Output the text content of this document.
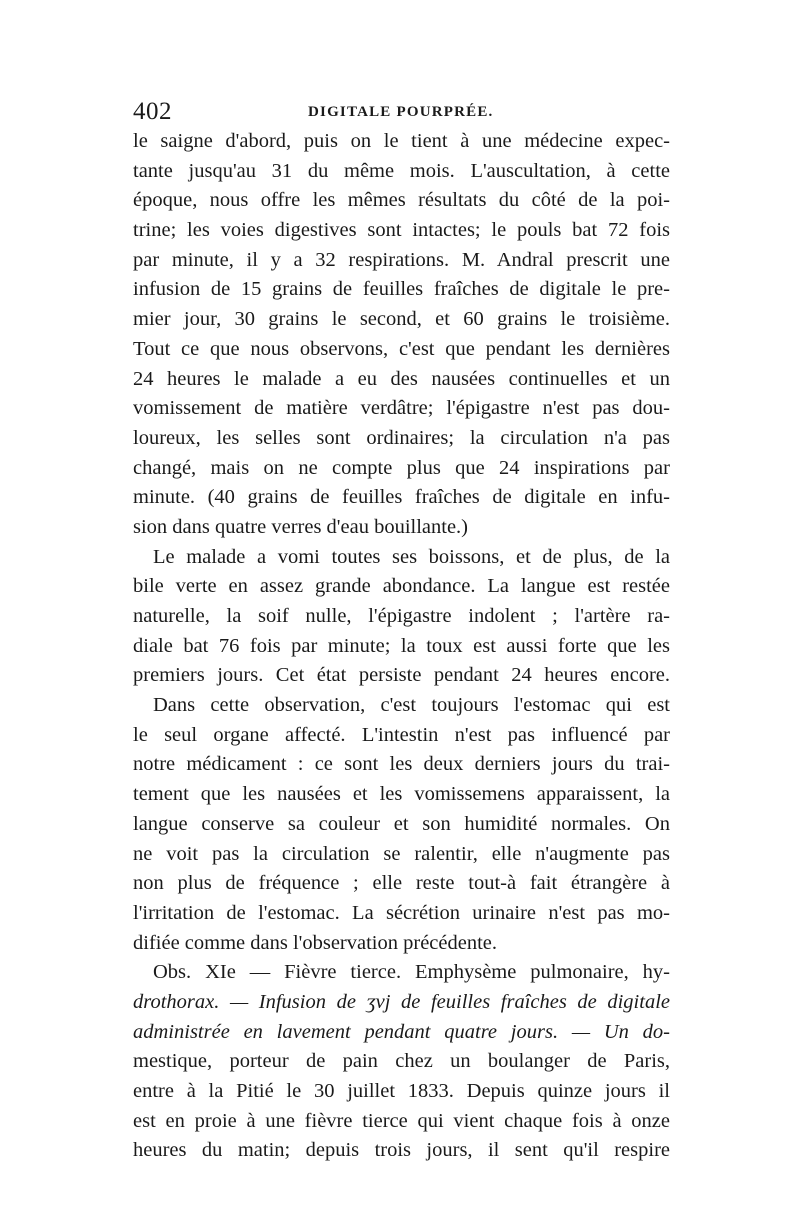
402	DIGITALE POURPRÉE.
le saigne d'abord, puis on le tient à une médecine expec-
tante jusqu'au 31 du même mois. L'auscultation, à cette
époque, nous offre les mêmes résultats du côté de la poi-
trine; les voies digestives sont intactes; le pouls bat 72 fois
par minute, il y a 32 respirations. M. Andral prescrit une
infusion de 15 grains de feuilles fraîches de digitale le pre-
mier jour, 30 grains le second, et 60 grains le troisième.
Tout ce que nous observons, c'est que pendant les dernières
24 heures le malade a eu des nausées continuelles et un
vomissement de matière verdâtre; l'épigastre n'est pas dou-
loureux, les selles sont ordinaires; la circulation n'a pas
changé, mais on ne compte plus que 24 inspirations par
minute. (40 grains de feuilles fraîches de digitale en infu-
sion dans quatre verres d'eau bouillante.)
Le malade a vomi toutes ses boissons, et de plus, de la
bile verte en assez grande abondance. La langue est restée
naturelle, la soif nulle, l'épigastre indolent ; l'artère ra-
diale bat 76 fois par minute; la toux est aussi forte que les
premiers jours. Cet état persiste pendant 24 heures encore.
Dans cette observation, c'est toujours l'estomac qui est
le seul organe affecté. L'intestin n'est pas influencé par
notre médicament : ce sont les deux derniers jours du trai-
tement que les nausées et les vomissemens apparaissent, la
langue conserve sa couleur et son humidité normales. On
ne voit pas la circulation se ralentir, elle n'augmente pas
non plus de fréquence ; elle reste tout-à fait étrangère à
l'irritation de l'estomac. La sécrétion urinaire n'est pas mo-
difiée comme dans l'observation précédente.
Obs. XIe — Fièvre tierce. Emphysème pulmonaire, hy-
drothorax. — Infusion de ʒvj de feuilles fraîches de digitale
administrée en lavement pendant quatre jours. — Un do-
mestique, porteur de pain chez un boulanger de Paris,
entre à la Pitié le 30 juillet 1833. Depuis quinze jours il
est en proie à une fièvre tierce qui vient chaque fois à onze
heures du matin; depuis trois jours, il sent qu'il respire
